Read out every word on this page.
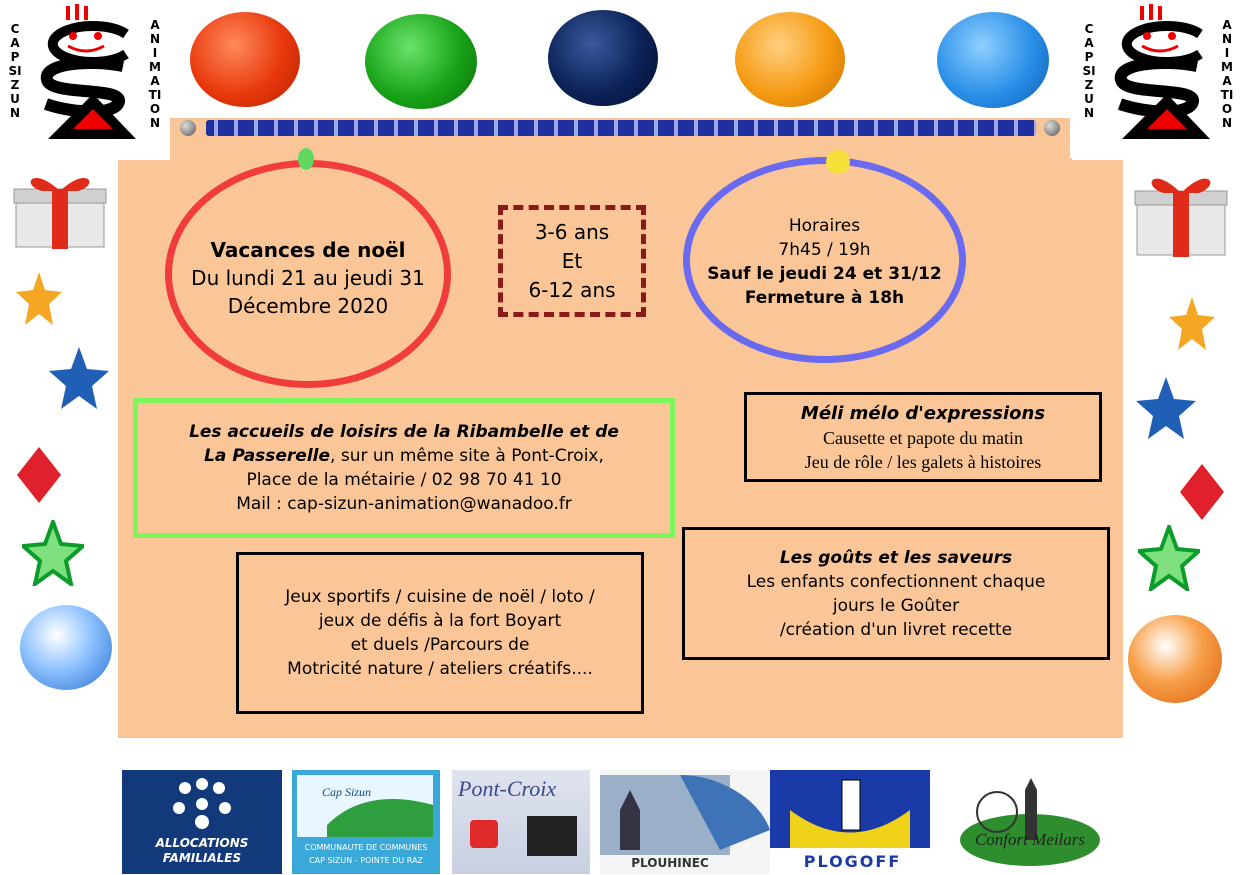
CAP SIZUN
ANIMATION
CAP SIZUN
ANIMATION
Vacances de noël
Du lundi 21 au jeudi 31
Décembre 2020
3-6 ans
Et
6-12 ans
Horaires
7h45 / 19h
Sauf le jeudi 24 et 31/12
Fermeture à 18h
Les accueils de loisirs de la Ribambelle et de
La Passerelle, sur un même site à Pont-Croix,
Place de la métairie / 02 98 70 41 10
Mail : cap-sizun-animation@wanadoo.fr
Jeux sportifs / cuisine de noël / loto /
jeux de défis à la fort Boyart
et duels /Parcours de
Motricité nature / ateliers créatifs....
Méli mélo d'expressions
Causette et papote du matin
Jeu de rôle / les galets à histoires
Les goûts et les saveurs
Les enfants confectionnent chaque
jours le Goûter
/création d'un livret recette
ALLOCATIONS
FAMILIALES
Cap Sizun
COMMUNAUTE DE COMMUNES
CAP SIZUN - POINTE DU RAZ
Pont-Croix
PLOUHINEC	PLOGOFF
Confort Meilars
